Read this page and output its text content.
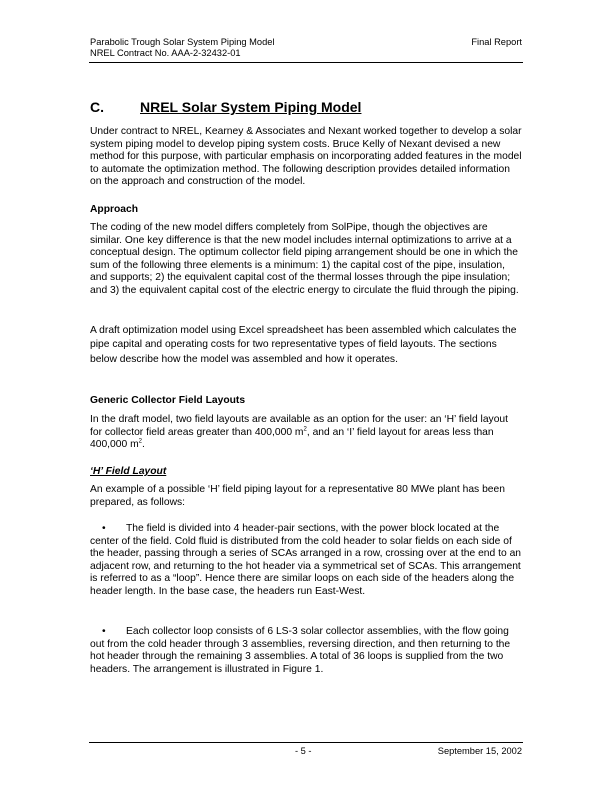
Parabolic Trough Solar System Piping Model
NREL Contract No. AAA-2-32432-01
Final Report
C.	NREL Solar System Piping Model

Under contract to NREL, Kearney & Associates and Nexant worked together to develop a solar system piping model to develop piping system costs. Bruce Kelly of Nexant devised a new method for this purpose, with particular emphasis on incorporating added features in the model to automate the optimization method. The following description provides detailed information on the approach and construction of the model.

Approach

The coding of the new model differs completely from SolPipe, though the objectives are similar. One key difference is that the new model includes internal optimizations to arrive at a conceptual design. The optimum collector field piping arrangement should be one in which the sum of the following three elements is a minimum: 1) the capital cost of the pipe, insulation, and supports; 2) the equivalent capital cost of the thermal losses through the pipe insulation; and 3) the equivalent capital cost of the electric energy to circulate the fluid through the piping.

A draft optimization model using Excel spreadsheet has been assembled which calculates the pipe capital and operating costs for two representative types of field layouts. The sections below describe how the model was assembled and how it operates.

Generic Collector Field Layouts

In the draft model, two field layouts are available as an option for the user: an ‘H’ field layout for collector field areas greater than 400,000 $m^2$, and an ‘I’ field layout for areas less than 400,000 $m^2$.

‘H’ Field Layout

An example of a possible ‘H’ field piping layout for a representative 80 MWe plant has been prepared, as follows:

•	The field is divided into 4 header-pair sections, with the power block located at the center of the field. Cold fluid is distributed from the cold header to solar fields on each side of the header, passing through a series of SCAs arranged in a row, crossing over at the end to an adjacent row, and returning to the hot header via a symmetrical set of SCAs. This arrangement is referred to as a “loop”. Hence there are similar loops on each side of the headers along the header length. In the base case, the headers run East-West.

•	Each collector loop consists of 6 LS-3 solar collector assemblies, with the flow going out from the cold header through 3 assemblies, reversing direction, and then returning to the hot header through the remaining 3 assemblies. A total of 36 loops is supplied from the two headers. The arrangement is illustrated in Figure 1.

- 5 -	September 15, 2002
